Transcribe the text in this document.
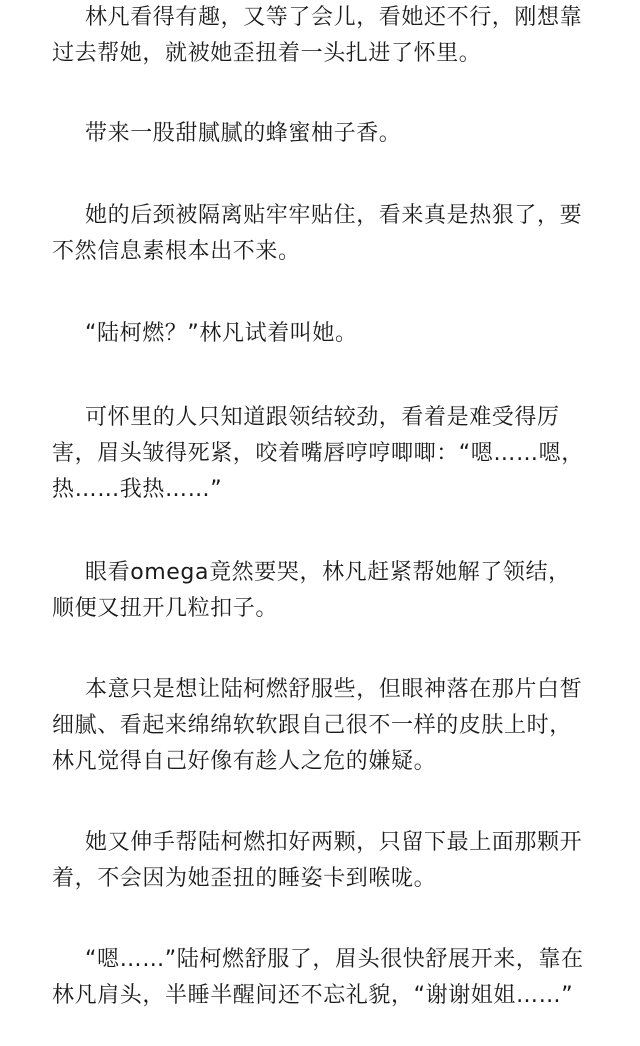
林凡看得有趣，又等了会儿，看她还不行，刚想靠过去帮她，就被她歪扭着一头扎进了怀里。

带来一股甜腻腻的蜂蜜柚子香。

她的后颈被隔离贴牢牢贴住，看来真是热狠了，要不然信息素根本出不来。

“陆柯燃？”林凡试着叫她。

可怀里的人只知道跟领结较劲，看着是难受得厉害，眉头皱得死紧，咬着嘴唇哼哼唧唧：“嗯……嗯，热……我热……”

眼看omega竟然要哭，林凡赶紧帮她解了领结，顺便又扭开几粒扣子。

本意只是想让陆柯燃舒服些，但眼神落在那片白皙细腻、看起来绵绵软软跟自己很不一样的皮肤上时，林凡觉得自己好像有趁人之危的嫌疑。

她又伸手帮陆柯燃扣好两颗，只留下最上面那颗开着，不会因为她歪扭的睡姿卡到喉咙。

“嗯……”陆柯燃舒服了，眉头很快舒展开来，靠在林凡肩头，半睡半醒间还不忘礼貌，“谢谢姐姐……”
